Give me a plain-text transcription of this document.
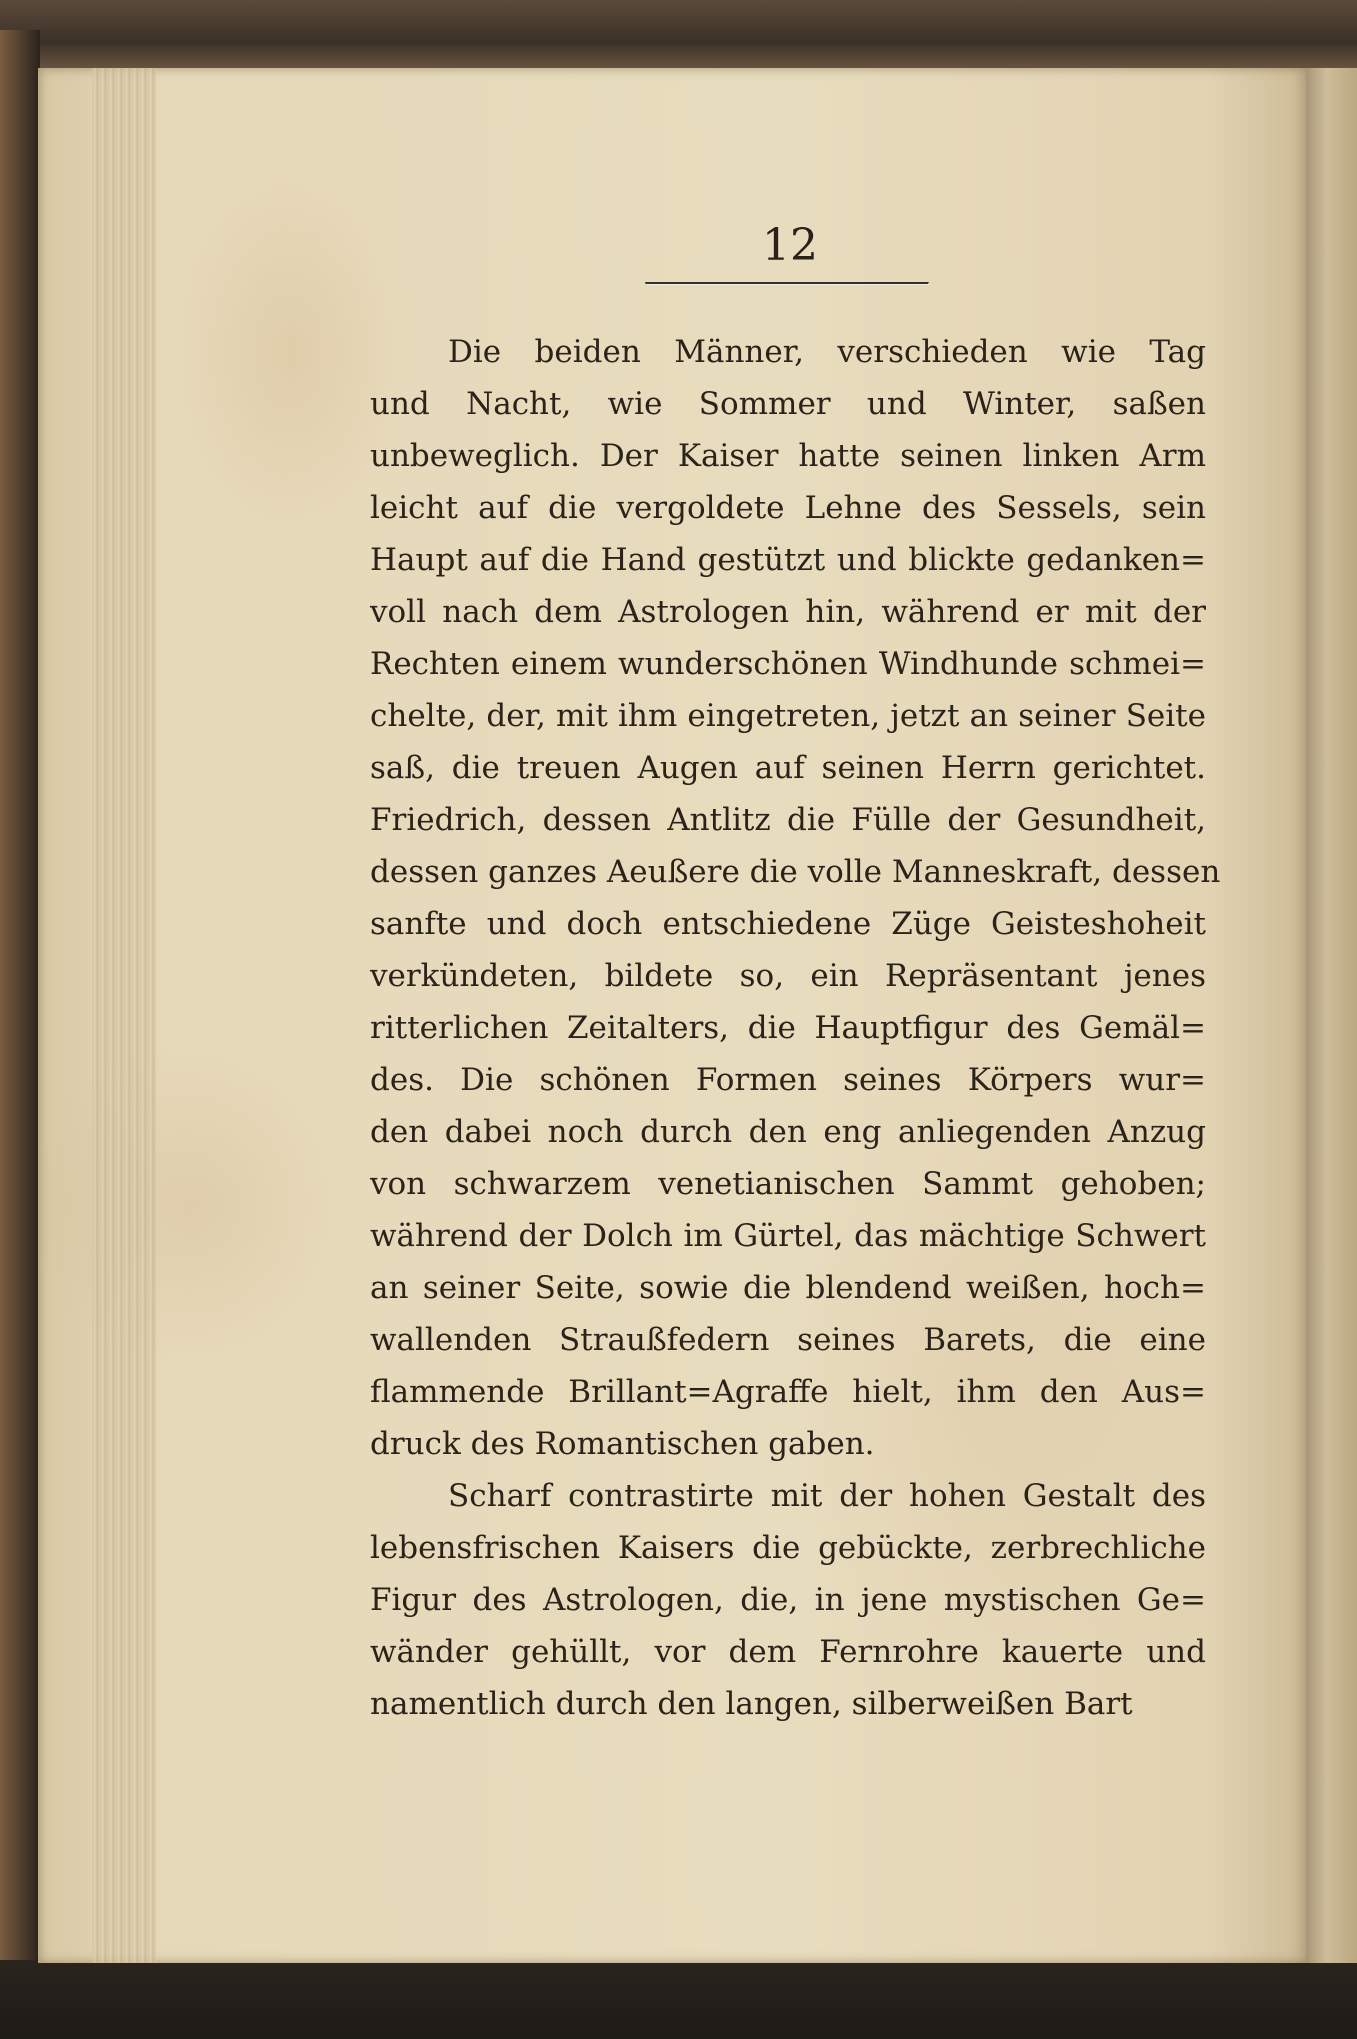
12

Die beiden Männer, verschieden wie Tag
und Nacht, wie Sommer und Winter, saßen
unbeweglich. Der Kaiser hatte seinen linken Arm
leicht auf die vergoldete Lehne des Sessels, sein
Haupt auf die Hand gestützt und blickte gedanken=
voll nach dem Astrologen hin, während er mit der
Rechten einem wunderschönen Windhunde schmei=
chelte, der, mit ihm eingetreten, jetzt an seiner Seite
saß, die treuen Augen auf seinen Herrn gerichtet.
Friedrich, dessen Antlitz die Fülle der Gesundheit,
dessen ganzes Aeußere die volle Manneskraft, dessen
sanfte und doch entschiedene Züge Geisteshoheit
verkündeten, bildete so, ein Repräsentant jenes
ritterlichen Zeitalters, die Hauptfigur des Gemäl=
des. Die schönen Formen seines Körpers wur=
den dabei noch durch den eng anliegenden Anzug
von schwarzem venetianischen Sammt gehoben;
während der Dolch im Gürtel, das mächtige Schwert
an seiner Seite, sowie die blendend weißen, hoch=
wallenden Straußfedern seines Barets, die eine
flammende Brillant=Agraffe hielt, ihm den Aus=
druck des Romantischen gaben.

Scharf contrastirte mit der hohen Gestalt des
lebensfrischen Kaisers die gebückte, zerbrechliche
Figur des Astrologen, die, in jene mystischen Ge=
wänder gehüllt, vor dem Fernrohre kauerte und
namentlich durch den langen, silberweißen Bart
